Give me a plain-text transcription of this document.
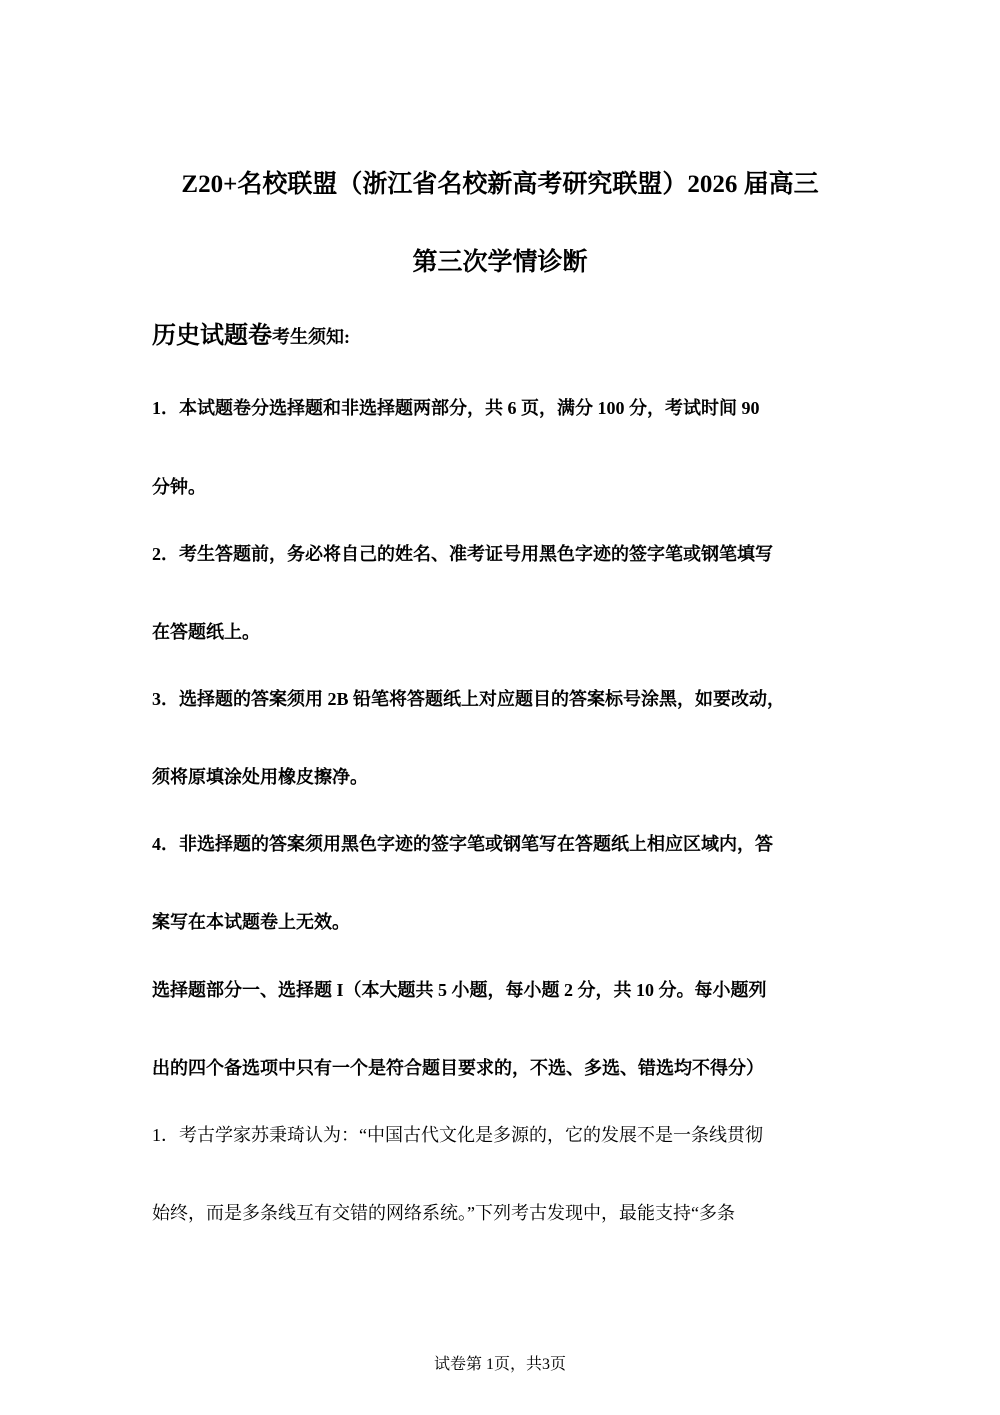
Z20+名校联盟（浙江省名校新高考研究联盟）2026 届高三
第三次学情诊断

历史试题卷考生须知:

1．本试题卷分选择题和非选择题两部分，共 6 页，满分 100 分，考试时间 90

分钟。

2．考生答题前，务必将自己的姓名、准考证号用黑色字迹的签字笔或钢笔填写

在答题纸上。

3．选择题的答案须用 2B 铅笔将答题纸上对应题目的答案标号涂黑，如要改动，

须将原填涂处用橡皮擦净。

4．非选择题的答案须用黑色字迹的签字笔或钢笔写在答题纸上相应区域内，答

案写在本试题卷上无效。

选择题部分一、选择题 I（本大题共 5 小题，每小题 2 分，共 10 分。每小题列

出的四个备选项中只有一个是符合题目要求的，不选、多选、错选均不得分）

1．考古学家苏秉琦认为：“中国古代文化是多源的，它的发展不是一条线贯彻

始终，而是多条线互有交错的网络系统。”下列考古发现中，最能支持“多条

试卷第 1页，共3页
